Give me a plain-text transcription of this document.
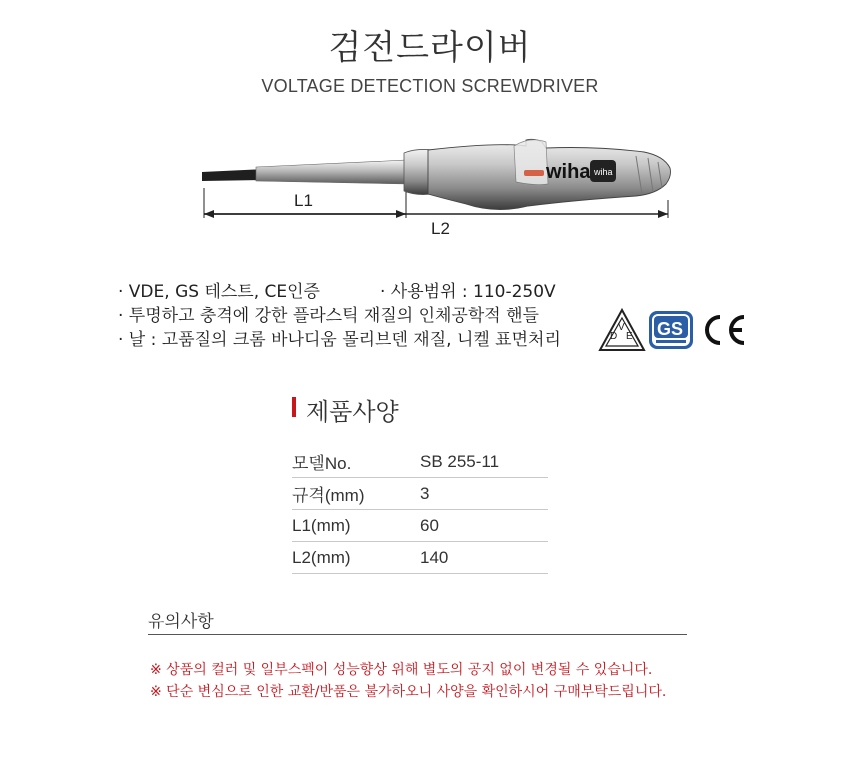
검전드라이버
VOLTAGE DETECTION SCREWDRIVER
wiha wiha
L1
L2
· VDE, GS 테스트, CE인증	· 사용범위 : 110-250V
· 투명하고 충격에 강한 플라스틱 재질의 인체공학적 핸들
· 날 : 고품질의 크롬 바나디움 몰리브덴 재질, 니켈 표면처리	D
V
E GS
제품사양
모델No.	SB 255-11
규격(mm)	3
L1(mm)	60
L2(mm)	140
유의사항
※ 상품의 컬러 및 일부스펙이 성능향상 위해 별도의 공지 없이 변경될 수 있습니다.
※ 단순 변심으로 인한 교환/반품은 불가하오니 사양을 확인하시어 구매부탁드립니다.
